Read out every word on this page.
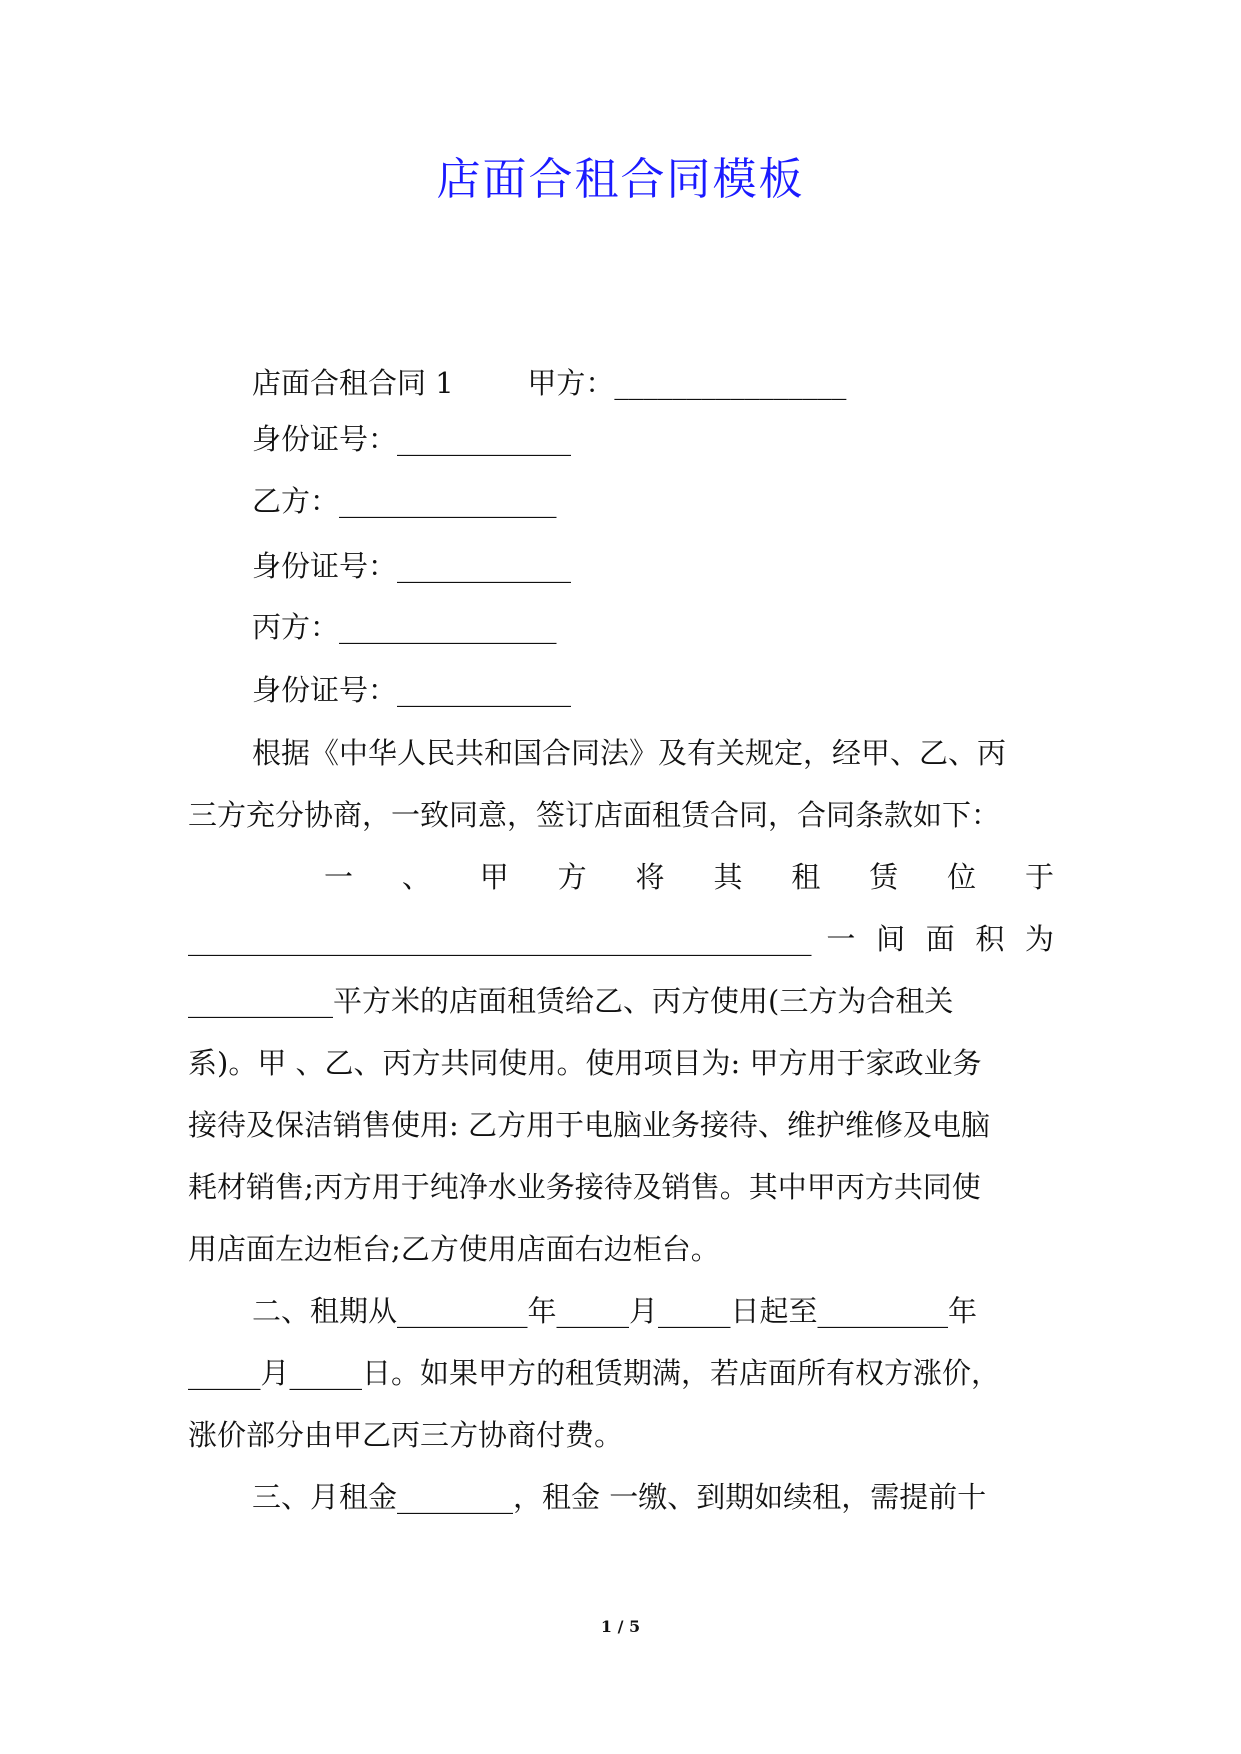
店面合租合同模板
店面合租合同 1        甲方：________________
身份证号：____________
乙方：_______________
身份证号：____________
丙方：_______________
身份证号：____________
根据《中华人民共和国合同法》及有关规定，经甲、乙、丙
三方充分协商，一致同意，签订店面租赁合同，合同条款如下：
一 、 甲 方 将 其 租 赁 位 于
___________________________________________ 一 间 面 积 为
__________平方米的店面租赁给乙、丙方使用(三方为合租关
系)。甲 、乙、丙方共同使用。使用项目为: 甲方用于家政业务
接待及保洁销售使用: 乙方用于电脑业务接待、维护维修及电脑
耗材销售;丙方用于纯净水业务接待及销售。其中甲丙方共同使
用店面左边柜台;乙方使用店面右边柜台。
二、租期从_________年_____月_____日起至_________年
_____月_____日。如果甲方的租赁期满，若店面所有权方涨价，
涨价部分由甲乙丙三方协商付费。
三、月租金________，租金 一缴、到期如续租，需提前十
1 / 5
